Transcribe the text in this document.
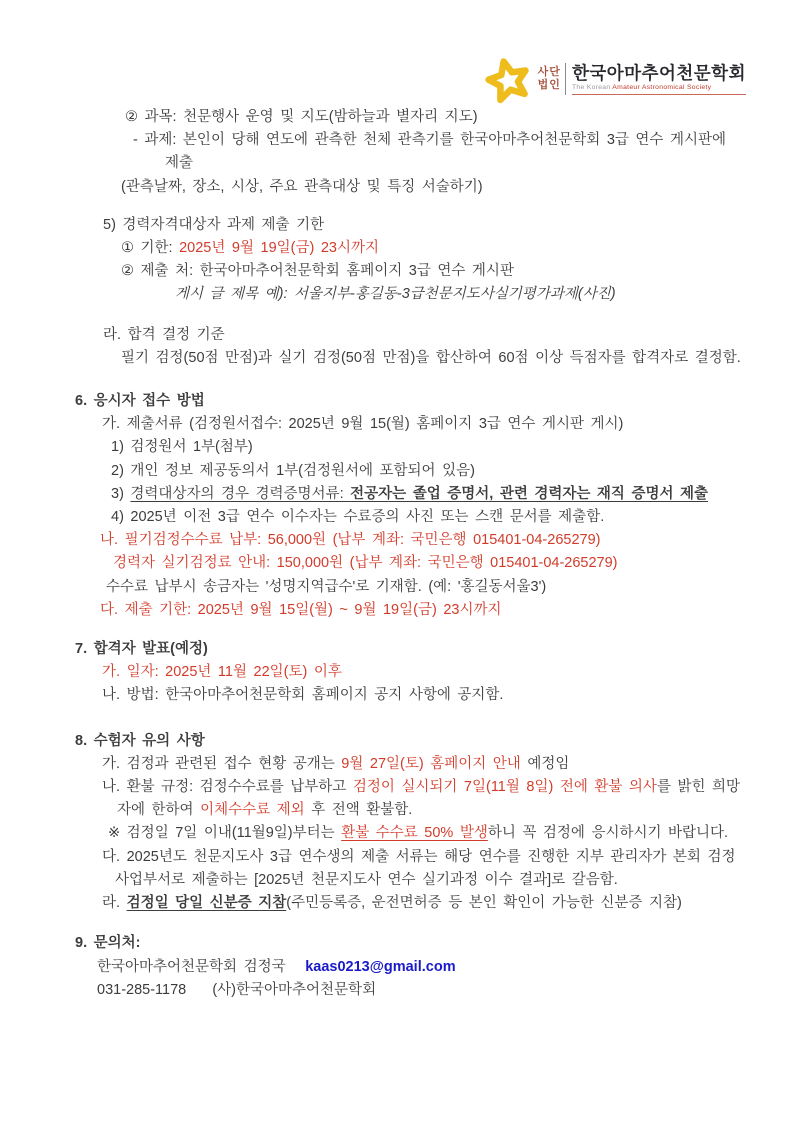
사단
법인
한국아마추어천문학회
The Korean Amateur Astronomical Society
② 과목: 천문행사 운영 및 지도(밤하늘과 별자리 지도)
- 과제: 본인이 당해 연도에 관측한 천체 관측기를 한국아마추어천문학회 3급 연수 게시판에
제출
(관측날짜, 장소, 시상, 주요 관측대상 및 특징 서술하기)
5) 경력자격대상자 과제 제출 기한
① 기한: 2025년 9월 19일(금) 23시까지
② 제출 처: 한국아마추어천문학회 홈페이지 3급 연수 게시판
게시 글 제목 예): 서울지부-홍길동-3급천문지도사실기평가과제(사진)
라. 합격 결정 기준
필기 검정(50점 만점)과 실기 검정(50점 만점)을 합산하여 60점 이상 득점자를 합격자로 결정함.
6. 응시자 접수 방법
가. 제출서류 (검정원서접수: 2025년 9월 15(월) 홈페이지 3급 연수 게시판 게시)
1) 검정원서 1부(첨부)
2) 개인 정보 제공동의서 1부(검정원서에 포함되어 있음)
3) 경력대상자의 경우 경력증명서류: 전공자는 졸업 증명서, 관련 경력자는 재직 증명서 제출
4) 2025년 이전 3급 연수 이수자는 수료증의 사진 또는 스캔 문서를 제출함.
나. 필기검정수수료 납부: 56,000원 (납부 계좌: 국민은행 015401-04-265279)
경력자 실기검정료 안내: 150,000원 (납부 계좌: 국민은행 015401-04-265279)
수수료 납부시 송금자는 '성명지역급수'로 기재함. (예: '홍길동서울3')
다. 제출 기한: 2025년 9월 15일(월) ~ 9월 19일(금) 23시까지
7. 합격자 발표(예정)
가. 일자: 2025년 11월 22일(토) 이후
나. 방법: 한국아마추어천문학회 홈페이지 공지 사항에 공지함.
8. 수험자 유의 사항
가. 검정과 관련된 접수 현황 공개는 9월 27일(토) 홈페이지 안내 예정임
나. 환불 규정: 검정수수료를 납부하고 검정이 실시되기 7일(11월 8일) 전에 환불 의사를 밝힌 희망
자에 한하여 이체수수료 제외 후 전액 환불함.
※ 검정일 7일 이내(11월9일)부터는 환불 수수료 50% 발생하니 꼭 검정에 응시하시기 바랍니다.
다. 2025년도 천문지도사 3급 연수생의 제출 서류는 해당 연수를 진행한 지부 관리자가 본회 검정
사업부서로 제출하는 [2025년 천문지도사 연수 실기과정 이수 결과]로 갈음함.
라. 검정일 당일 신분증 지참(주민등록증, 운전면허증 등 본인 확인이 가능한 신분증 지참)
9. 문의처:
한국아마추어천문학회 검정국   kaas0213@gmail.com
031-285-1178    (사)한국아마추어천문학회
